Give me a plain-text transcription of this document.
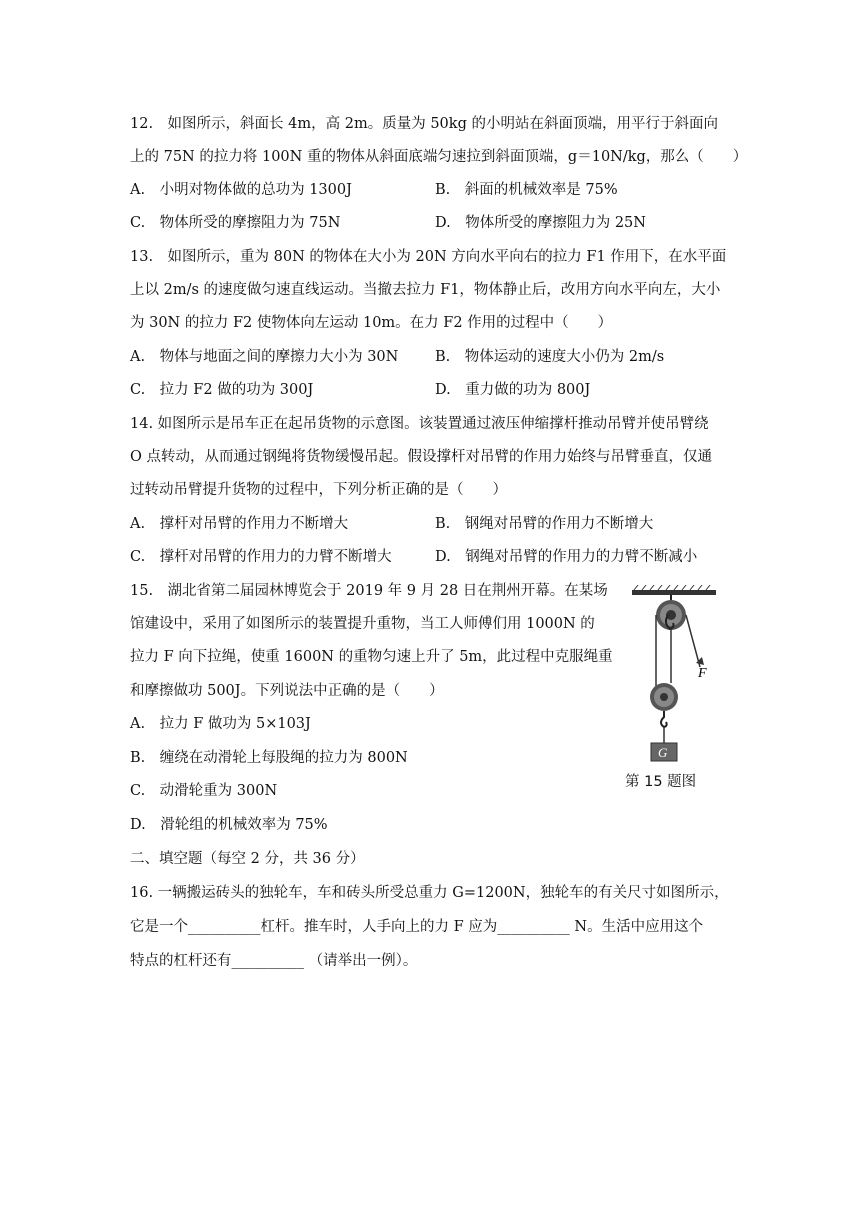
12.　如图所示，斜面长 4m，高 2m。质量为 50kg 的小明站在斜面顶端，用平行于斜面向
上的 75N 的拉力将 100N 重的物体从斜面底端匀速拉到斜面顶端，g＝10N/kg，那么（　　）
A.　小明对物体做的总功为 1300J	B.　斜面的机械效率是 75%
C.　物体所受的摩擦阻力为 75N	D.　物体所受的摩擦阻力为 25N
13.　如图所示，重为 80N 的物体在大小为 20N 方向水平向右的拉力 F1 作用下，在水平面
上以 2m/s 的速度做匀速直线运动。当撤去拉力 F1，物体静止后，改用方向水平向左，大小
为 30N 的拉力 F2 使物体向左运动 10m。在力 F2 作用的过程中（　　）
A.　物体与地面之间的摩擦力大小为 30N	B.　物体运动的速度大小仍为 2m/s
C.　拉力 F2 做的功为 300J	D.　重力做的功为 800J
14. 如图所示是吊车正在起吊货物的示意图。该装置通过液压伸缩撑杆推动吊臂并使吊臂绕
O 点转动，从而通过钢绳将货物缓慢吊起。假设撑杆对吊臂的作用力始终与吊臂垂直，仅通
过转动吊臂提升货物的过程中，下列分析正确的是（　　）
A.　撑杆对吊臂的作用力不断增大	B.　钢绳对吊臂的作用力不断增大
C.　撑杆对吊臂的作用力的力臂不断增大	D.　钢绳对吊臂的作用力的力臂不断减小
15.　湖北省第二届园林博览会于 2019 年 9 月 28 日在荆州开幕。在某场
馆建设中，采用了如图所示的装置提升重物，当工人师傅们用 1000N 的
拉力 F 向下拉绳，使重 1600N 的重物匀速上升了 5m，此过程中克服绳重
和摩擦做功 500J。下列说法中正确的是（　　）
A.　拉力 F 做功为 5×103J
B.　缠绕在动滑轮上每股绳的拉力为 800N
C.　动滑轮重为 300N
D.　滑轮组的机械效率为 75%
F
G
第 15 题图
二、填空题（每空 2 分，共 36 分）
16. 一辆搬运砖头的独轮车，车和砖头所受总重力 G=1200N，独轮车的有关尺寸如图所示，
它是一个__________杠杆。推车时，人手向上的力 F 应为__________ N。生活中应用这个
特点的杠杆还有__________ （请举出一例）。
